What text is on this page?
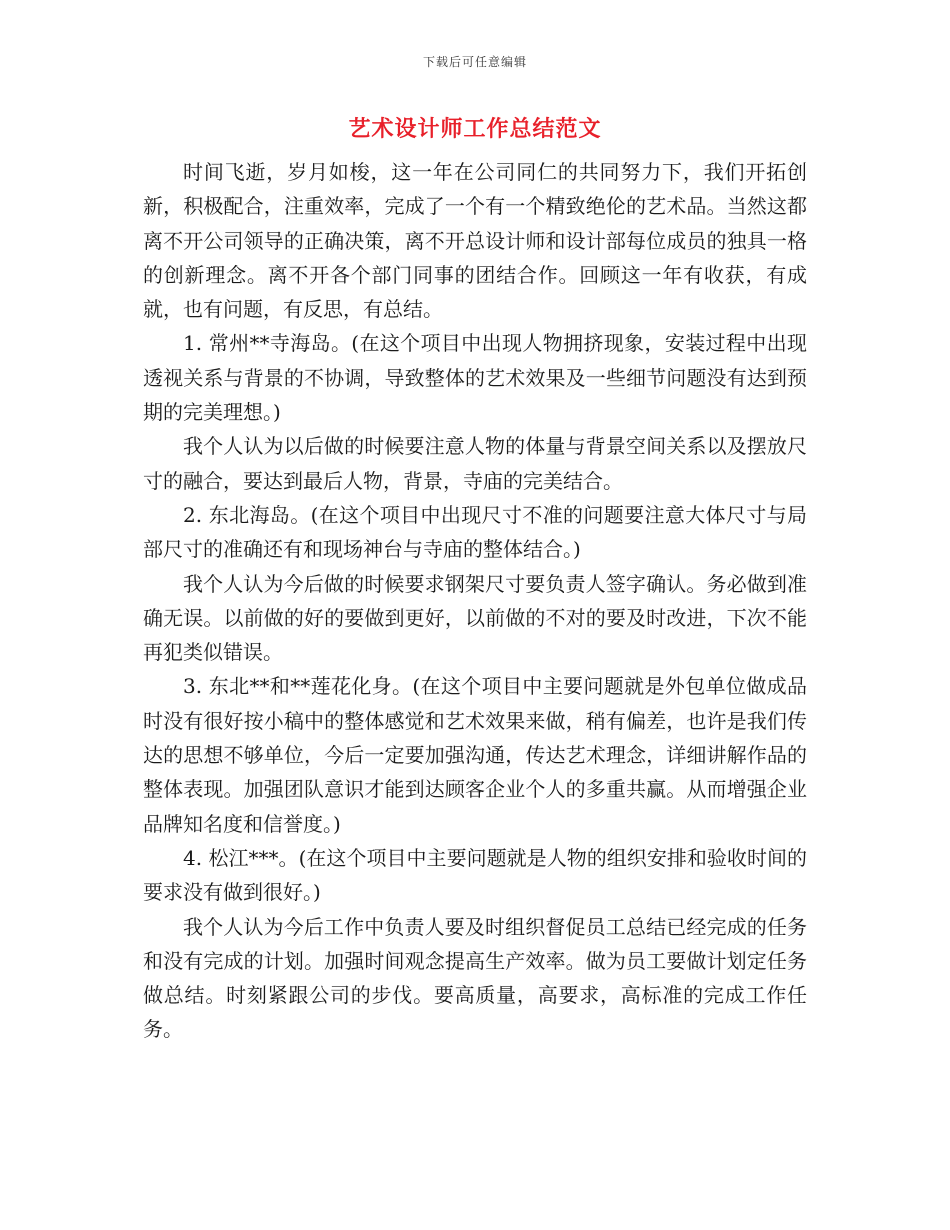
下载后可任意编辑
艺术设计师工作总结范文

时间飞逝，岁月如梭，这一年在公司同仁的共同努力下，我们开拓创新，积极配合，注重效率，完成了一个有一个精致绝伦的艺术品。当然这都离不开公司领导的正确决策，离不开总设计师和设计部每位成员的独具一格的创新理念。离不开各个部门同事的团结合作。回顾这一年有收获，有成就，也有问题，有反思，有总结。

1. 常州**寺海岛。(在这个项目中出现人物拥挤现象，安装过程中出现透视关系与背景的不协调，导致整体的艺术效果及一些细节问题没有达到预期的完美理想。)

我个人认为以后做的时候要注意人物的体量与背景空间关系以及摆放尺寸的融合，要达到最后人物，背景，寺庙的完美结合。

2. 东北海岛。(在这个项目中出现尺寸不准的问题要注意大体尺寸与局部尺寸的准确还有和现场神台与寺庙的整体结合。)

我个人认为今后做的时候要求钢架尺寸要负责人签字确认。务必做到准确无误。以前做的好的要做到更好，以前做的不对的要及时改进，下次不能再犯类似错误。

3. 东北**和**莲花化身。(在这个项目中主要问题就是外包单位做成品时没有很好按小稿中的整体感觉和艺术效果来做，稍有偏差，也许是我们传达的思想不够单位，今后一定要加强沟通，传达艺术理念，详细讲解作品的整体表现。加强团队意识才能到达顾客企业个人的多重共赢。从而增强企业品牌知名度和信誉度。)

4. 松江***。(在这个项目中主要问题就是人物的组织安排和验收时间的要求没有做到很好。)

我个人认为今后工作中负责人要及时组织督促员工总结已经完成的任务和没有完成的计划。加强时间观念提高生产效率。做为员工要做计划定任务做总结。时刻紧跟公司的步伐。要高质量，高要求，高标准的完成工作任务。
